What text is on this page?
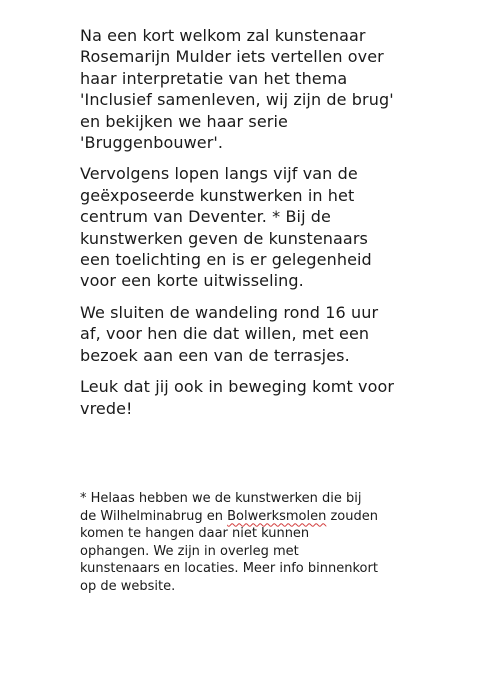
Na een kort welkom zal kunstenaar
Rosemarijn Mulder iets vertellen over
haar interpretatie van het thema
'Inclusief samenleven, wij zijn de brug'
en bekijken we haar serie
'Bruggenbouwer'.

Vervolgens lopen langs vijf van de
geëxposeerde kunstwerken in het
centrum van Deventer. * Bij de
kunstwerken geven de kunstenaars
een toelichting en is er gelegenheid
voor een korte uitwisseling.

We sluiten de wandeling rond 16 uur
af, voor hen die dat willen, met een
bezoek aan een van de terrasjes.

Leuk dat jij ook in beweging komt voor
vrede!

* Helaas hebben we de kunstwerken die bij
de Wilhelminabrug en Bolwerksmolen zouden
komen te hangen daar niet kunnen
ophangen. We zijn in overleg met
kunstenaars en locaties. Meer info binnenkort
op de website.
